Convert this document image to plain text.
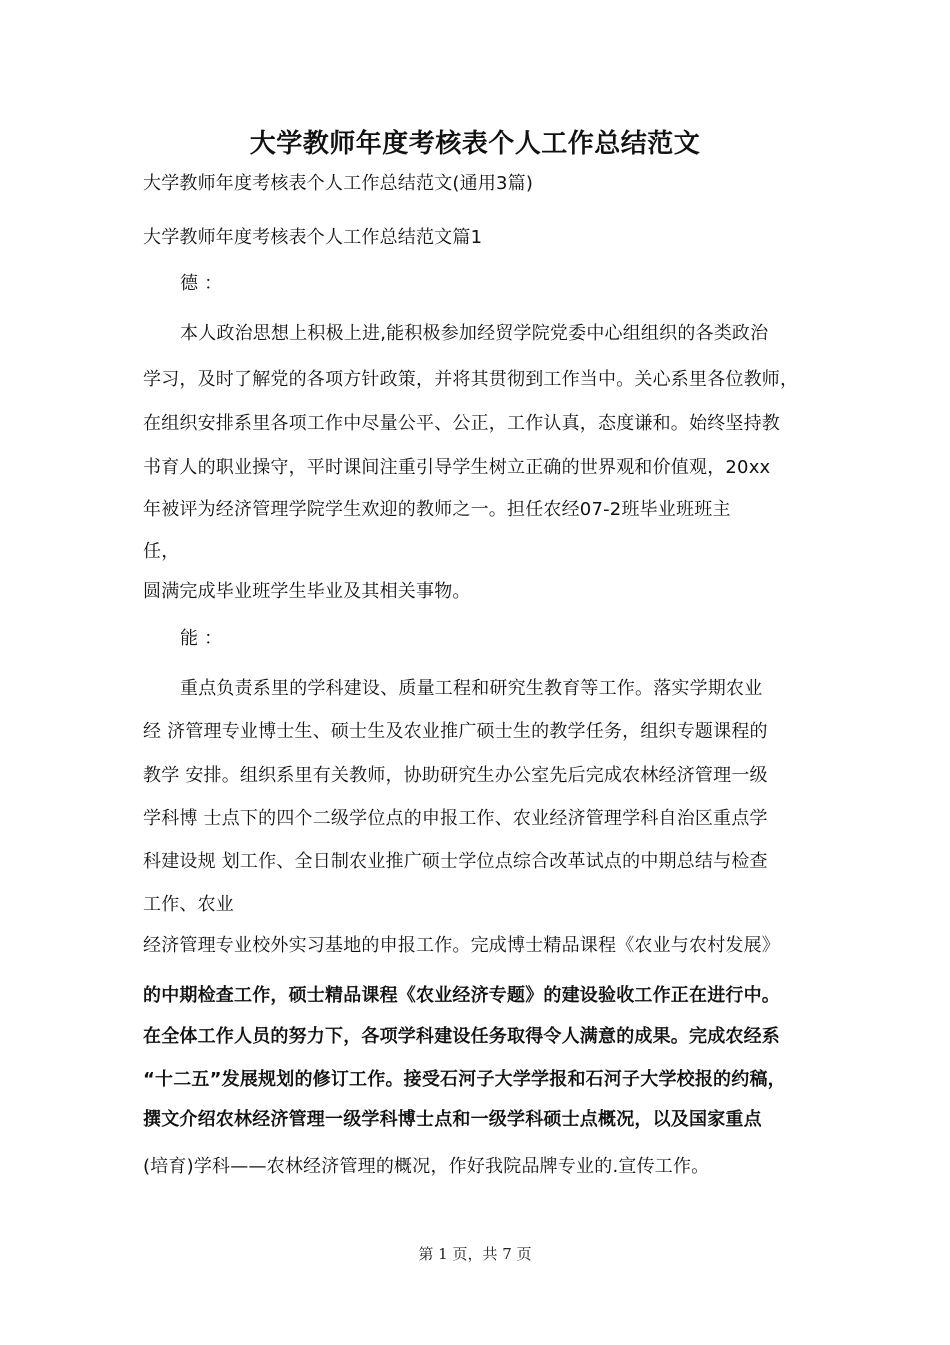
大学教师年度考核表个人工作总结范文
大学教师年度考核表个人工作总结范文(通用3篇)
大学教师年度考核表个人工作总结范文篇1
德 ：
本人政治思想上积极上进,能积极参加经贸学院党委中心组组织的各类政治
学习，及时了解党的各项方针政策，并将其贯彻到工作当中。关心系里各位教师，
在组织安排系里各项工作中尽量公平、公正，工作认真，态度谦和。始终坚持教
书育人的职业操守，平时课间注重引导学生树立正确的世界观和价值观，20xx
年被评为经济管理学院学生欢迎的教师之一。担任农经07-2班毕业班班主
任，
圆满完成毕业班学生毕业及其相关事物。
能 ：
重点负责系里的学科建设、质量工程和研究生教育等工作。落实学期农业
经 济管理专业博士生、硕士生及农业推广硕士生的教学任务，组织专题课程的
教学 安排。组织系里有关教师，协助研究生办公室先后完成农林经济管理一级
学科博 士点下的四个二级学位点的申报工作、农业经济管理学科自治区重点学
科建设规 划工作、全日制农业推广硕士学位点综合改革试点的中期总结与检查
工作、农业
经济管理专业校外实习基地的申报工作。完成博士精品课程《农业与农村发展》
的中期检查工作，硕士精品课程《农业经济专题》的建设验收工作正在进行中。
在全体工作人员的努力下，各项学科建设任务取得令人满意的成果。完成农经系
“十二五”发展规划的修订工作。接受石河子大学学报和石河子大学校报的约稿，
撰文介绍农林经济管理一级学科博士点和一级学科硕士点概况，以及国家重点
(培育)学科——农林经济管理的概况，作好我院品牌专业的.宣传工作。
第 1 页，共 7 页
